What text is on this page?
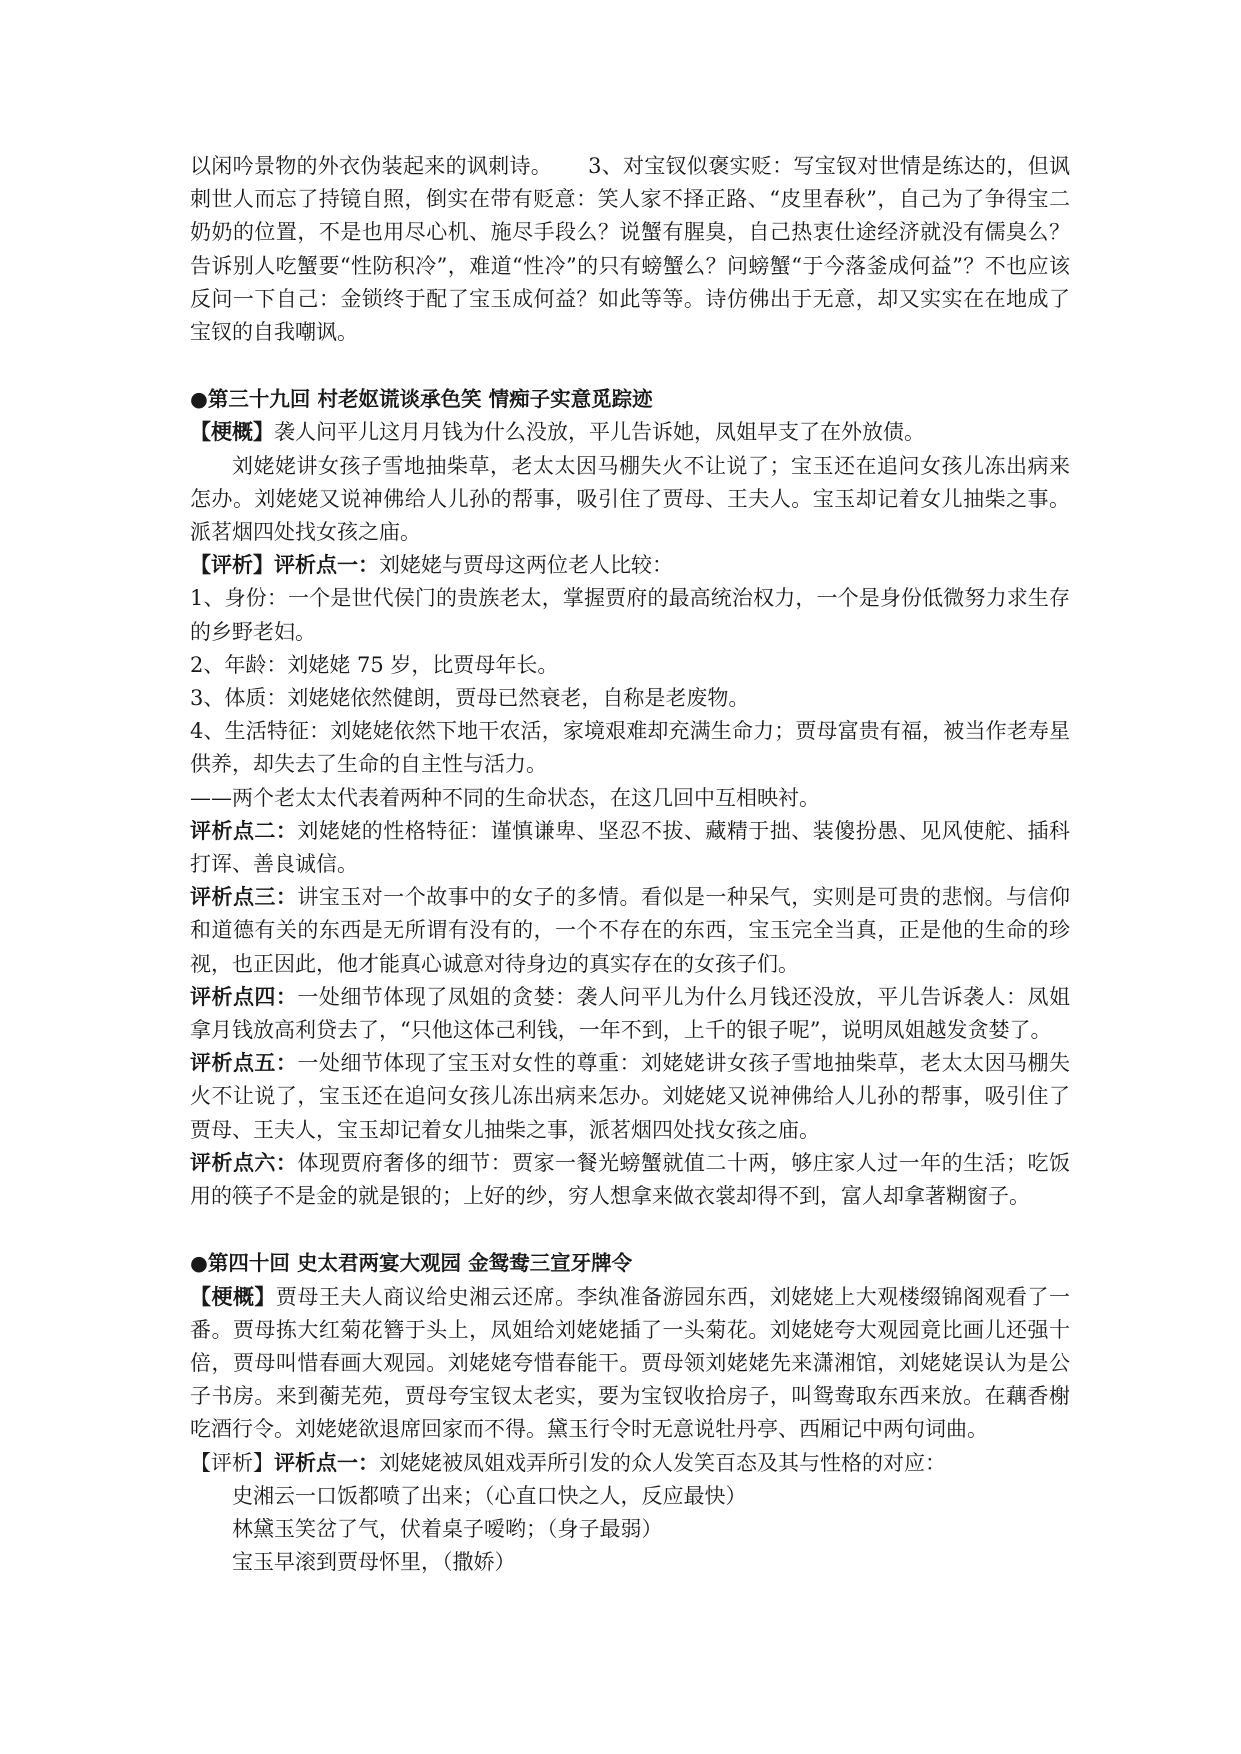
以闲吟景物的外衣伪装起来的讽刺诗。 3、对宝钗似褒实贬：写宝钗对世情是练达的，但讽刺世人而忘了持镜自照，倒实在带有贬意：笑人家不择正路、“皮里春秋”，自己为了争得宝二奶奶的位置，不是也用尽心机、施尽手段么？说蟹有腥臭，自己热衷仕途经济就没有儒臭么？告诉别人吃蟹要“性防积冷”，难道“性冷”的只有螃蟹么？问螃蟹“于今落釜成何益”？不也应该反问一下自己：金锁终于配了宝玉成何益？如此等等。诗仿佛出于无意，却又实实在在地成了宝钗的自我嘲讽。

●第三十九回 村老妪谎谈承色笑 情痴子实意觅踪迹

【梗概】袭人问平儿这月月钱为什么没放，平儿告诉她，凤姐早支了在外放债。

刘姥姥讲女孩子雪地抽柴草，老太太因马棚失火不让说了；宝玉还在追问女孩儿冻出病来怎办。刘姥姥又说神佛给人儿孙的帮事，吸引住了贾母、王夫人。宝玉却记着女儿抽柴之事。派茗烟四处找女孩之庙。

【评析】评析点一：刘姥姥与贾母这两位老人比较：

1、身份：一个是世代侯门的贵族老太，掌握贾府的最高统治权力，一个是身份低微努力求生存的乡野老妇。

2、年龄：刘姥姥 75 岁，比贾母年长。

3、体质：刘姥姥依然健朗，贾母已然衰老，自称是老废物。

4、生活特征：刘姥姥依然下地干农活，家境艰难却充满生命力；贾母富贵有福，被当作老寿星供养，却失去了生命的自主性与活力。

——两个老太太代表着两种不同的生命状态，在这几回中互相映衬。

评析点二：刘姥姥的性格特征：谨慎谦卑、坚忍不拔、藏精于拙、装傻扮愚、见风使舵、插科打诨、善良诚信。

评析点三：讲宝玉对一个故事中的女子的多情。看似是一种呆气，实则是可贵的悲悯。与信仰和道德有关的东西是无所谓有没有的，一个不存在的东西，宝玉完全当真，正是他的生命的珍视，也正因此，他才能真心诚意对待身边的真实存在的女孩子们。

评析点四：一处细节体现了凤姐的贪婪：袭人问平儿为什么月钱还没放，平儿告诉袭人：凤姐拿月钱放高利贷去了，“只他这体己利钱，一年不到，上千的银子呢”，说明凤姐越发贪婪了。

评析点五：一处细节体现了宝玉对女性的尊重：刘姥姥讲女孩子雪地抽柴草，老太太因马棚失火不让说了，宝玉还在追问女孩儿冻出病来怎办。刘姥姥又说神佛给人儿孙的帮事，吸引住了贾母、王夫人，宝玉却记着女儿抽柴之事，派茗烟四处找女孩之庙。

评析点六：体现贾府奢侈的细节：贾家一餐光螃蟹就值二十两，够庄家人过一年的生活；吃饭用的筷子不是金的就是银的；上好的纱，穷人想拿来做衣裳却得不到，富人却拿著糊窗子。

●第四十回 史太君两宴大观园 金鸳鸯三宣牙牌令

【梗概】贾母王夫人商议给史湘云还席。李纨准备游园东西，刘姥姥上大观楼缀锦阁观看了一番。贾母拣大红菊花簪于头上，凤姐给刘姥姥插了一头菊花。刘姥姥夸大观园竟比画儿还强十倍，贾母叫惜春画大观园。刘姥姥夸惜春能干。贾母领刘姥姥先来潇湘馆，刘姥姥误认为是公子书房。来到蘅芜苑，贾母夸宝钗太老实，要为宝钗收拾房子，叫鸳鸯取东西来放。在藕香榭吃酒行令。刘姥姥欲退席回家而不得。黛玉行令时无意说牡丹亭、西厢记中两句词曲。

【评析】评析点一：刘姥姥被凤姐戏弄所引发的众人发笑百态及其与性格的对应：

史湘云一口饭都喷了出来；（心直口快之人，反应最快）

林黛玉笑岔了气，伏着桌子嗳哟；（身子最弱）

宝玉早滚到贾母怀里，（撒娇）
